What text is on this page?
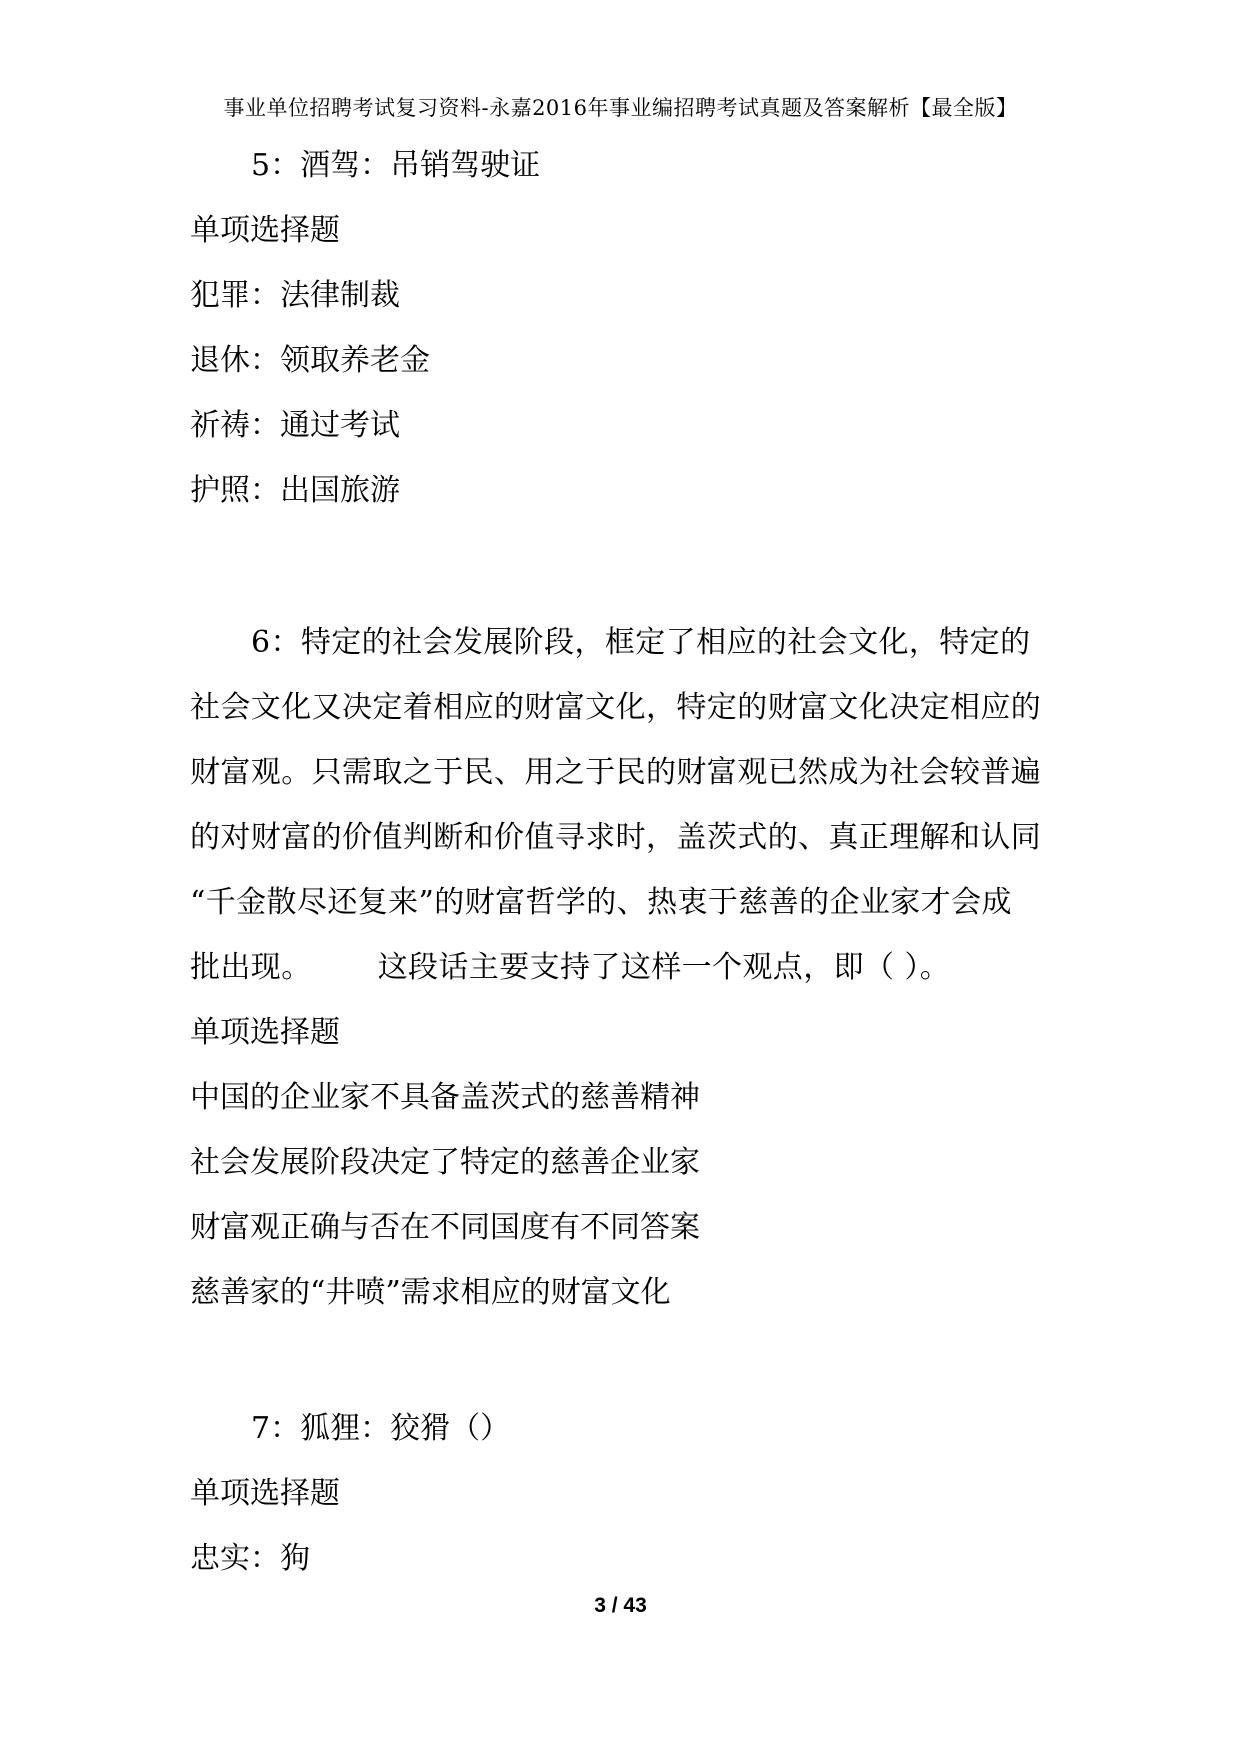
事业单位招聘考试复习资料-永嘉2016年事业编招聘考试真题及答案解析【最全版】
5：酒驾：吊销驾驶证
单项选择题
犯罪：法律制裁
退休：领取养老金
祈祷：通过考试
护照：出国旅游
6：特定的社会发展阶段，框定了相应的社会文化，特定的
社会文化又决定着相应的财富文化，特定的财富文化决定相应的
财富观。只需取之于民、用之于民的财富观已然成为社会较普遍
的对财富的价值判断和价值寻求时，盖茨式的、真正理解和认同
“千金散尽还复来”的财富哲学的、热衷于慈善的企业家才会成
批出现。 这段话主要支持了这样一个观点，即（ ）。
单项选择题
中国的企业家不具备盖茨式的慈善精神
社会发展阶段决定了特定的慈善企业家
财富观正确与否在不同国度有不同答案
慈善家的“井喷”需求相应的财富文化
7：狐狸：狡猾（）
单项选择题
忠实：狗
3 / 43
